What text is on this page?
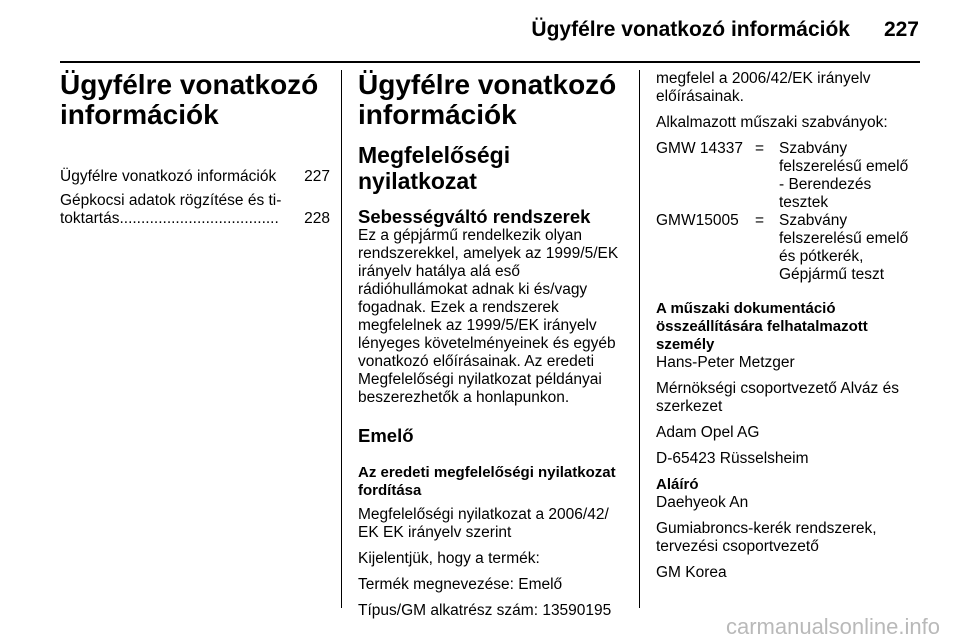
Ügyfélre vonatkozó információk 227
Ügyfélre vonatkozó információk
Ügyfélre vonatkozó információk 227
Gépkocsi adatok rögzítése és ti-
toktartás .....................................	228
Ügyfélre vonatkozó információk
Megfelelőségi nyilatkozat
Sebességváltó rendszerek
Ez a gépjármű rendelkezik olyan rendszerekkel, amelyek az 1999/5/EK irányelv hatálya alá eső rádióhullámokat adnak ki és/vagy fogadnak. Ezek a rendszerek megfelelnek az 1999/5/EK irányelv lényeges követelményeinek és egyéb vonatkozó előírásainak. Az eredeti Megfelelőségi nyilatkozat példányai beszerezhetők a honlapunkon.
Emelő
Az eredeti megfelelőségi nyilatkozat fordítása
Megfelelőségi nyilatkozat a 2006/42/ EK EK irányelv szerint
Kijelentjük, hogy a termék:
Termék megnevezése: Emelő
Típus/GM alkatrész szám: 13590195
megfelel a 2006/42/EK irányelv előírásainak.
Alkalmazott műszaki szabványok:
GMW 14337 = Szabvány felszerelésű emelő - Berendezés tesztek
GMW15005	= Szabvány felszerelésű emelő és pótkerék, Gépjármű teszt
A műszaki dokumentáció összeállítására felhatalmazott személy
Hans-Peter Metzger
Mérnökségi csoportvezető Alváz és szerkezet
Adam Opel AG
D-65423 Rüsselsheim
Aláíró
Daehyeok An
Gumiabroncs-kerék rendszerek, tervezési csoportvezető
GM Korea
carmanualsonline.info
